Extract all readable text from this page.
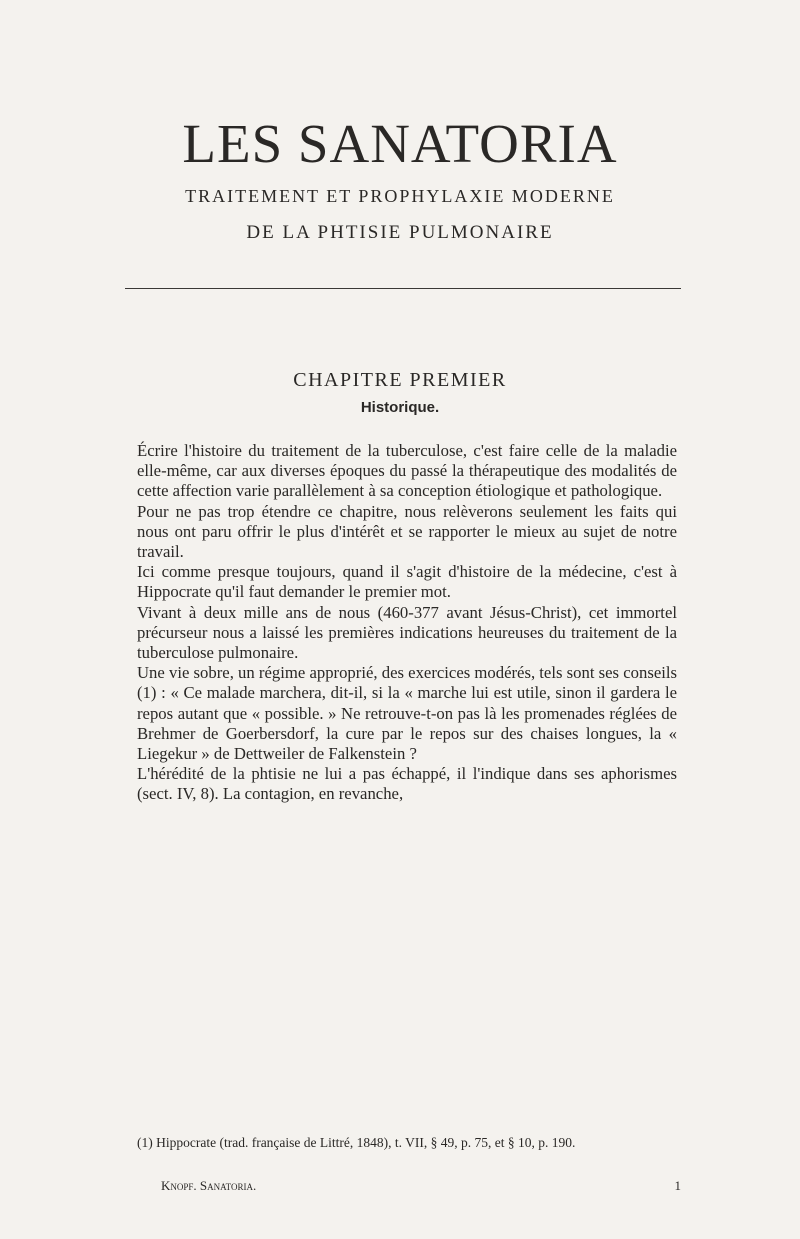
LES SANATORIA
TRAITEMENT ET PROPHYLAXIE MODERNE
DE LA PHTISIE PULMONAIRE
CHAPITRE PREMIER
Historique.

Écrire l'histoire du traitement de la tuberculose, c'est faire celle de la maladie elle-même, car aux diverses époques du passé la thérapeutique des modalités de cette affection varie parallèlement à sa conception étiologique et pathologique.

Pour ne pas trop étendre ce chapitre, nous relèverons seulement les faits qui nous ont paru offrir le plus d'intérêt et se rapporter le mieux au sujet de notre travail.

Ici comme presque toujours, quand il s'agit d'histoire de la médecine, c'est à Hippocrate qu'il faut demander le premier mot.

Vivant à deux mille ans de nous (460-377 avant Jésus-Christ), cet immortel précurseur nous a laissé les premières indications heureuses du traitement de la tuberculose pulmonaire.

Une vie sobre, un régime approprié, des exercices modérés, tels sont ses conseils (1) : « Ce malade marchera, dit-il, si la « marche lui est utile, sinon il gardera le repos autant que « possible. » Ne retrouve-t-on pas là les promenades réglées de Brehmer de Goerbersdorf, la cure par le repos sur des chaises longues, la « Liegekur » de Dettweiler de Falkenstein ?

L'hérédité de la phtisie ne lui a pas échappé, il l'indique dans ses aphorismes (sect. IV, 8). La contagion, en revanche,

(1) Hippocrate (trad. française de Littré, 1848), t. VII, § 49, p. 75, et § 10, p. 190.
Knopf. Sanatoria.	1
